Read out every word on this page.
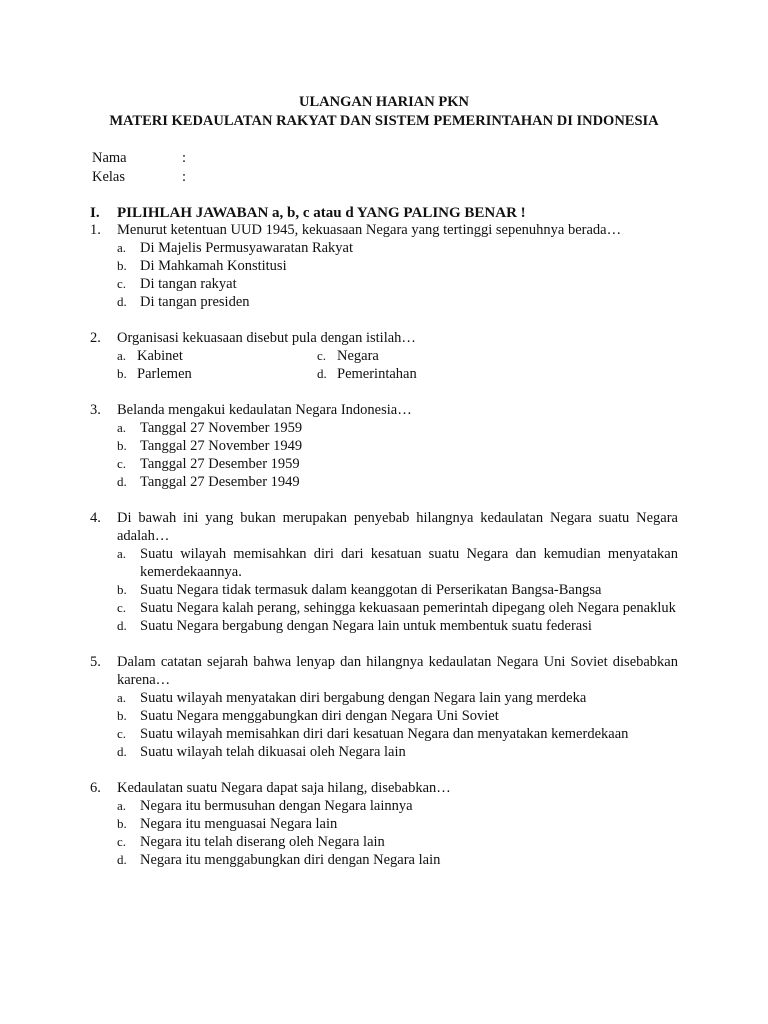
ULANGAN HARIAN PKN
MATERI KEDAULATAN RAKYAT DAN SISTEM PEMERINTAHAN DI INDONESIA
Nama	:
Kelas	:
I. PILIHLAH JAWABAN a, b, c atau d YANG PALING BENAR !
1.	Menurut ketentuan UUD 1945, kekuasaan Negara yang tertinggi sepenuhnya berada…
a. Di Majelis Permusyawaratan Rakyat
b. Di Mahkamah Konstitusi
c. Di tangan rakyat
d. Di tangan presiden
2.	Organisasi kekuasaan disebut pula dengan istilah…
a. Kabinet	c. Negara
b. Parlemen	d. Pemerintahan
3.	Belanda mengakui kedaulatan Negara Indonesia…
a. Tanggal 27 November 1959
b. Tanggal 27 November 1949
c. Tanggal 27 Desember 1959
d. Tanggal 27 Desember 1949
4.	Di bawah ini yang bukan merupakan penyebab hilangnya kedaulatan Negara suatu Negara adalah…
a. Suatu wilayah memisahkan diri dari kesatuan suatu Negara dan kemudian menyatakan kemerdekaannya.
b. Suatu Negara tidak termasuk dalam keanggotan di Perserikatan Bangsa-Bangsa
c. Suatu Negara kalah perang, sehingga kekuasaan pemerintah dipegang oleh Negara penakluk
d. Suatu Negara bergabung dengan Negara lain untuk membentuk suatu federasi
5.	Dalam catatan sejarah bahwa lenyap dan hilangnya kedaulatan Negara Uni Soviet disebabkan karena…
a. Suatu wilayah menyatakan diri bergabung dengan Negara lain yang merdeka
b. Suatu Negara menggabungkan diri dengan Negara Uni Soviet
c. Suatu wilayah memisahkan diri dari kesatuan Negara dan menyatakan kemerdekaan
d. Suatu wilayah telah dikuasai oleh Negara lain
6.	Kedaulatan suatu Negara dapat saja hilang, disebabkan…
a. Negara itu bermusuhan dengan Negara lainnya
b. Negara itu menguasai Negara lain
c. Negara itu telah diserang oleh Negara lain
d. Negara itu menggabungkan diri dengan Negara lain
